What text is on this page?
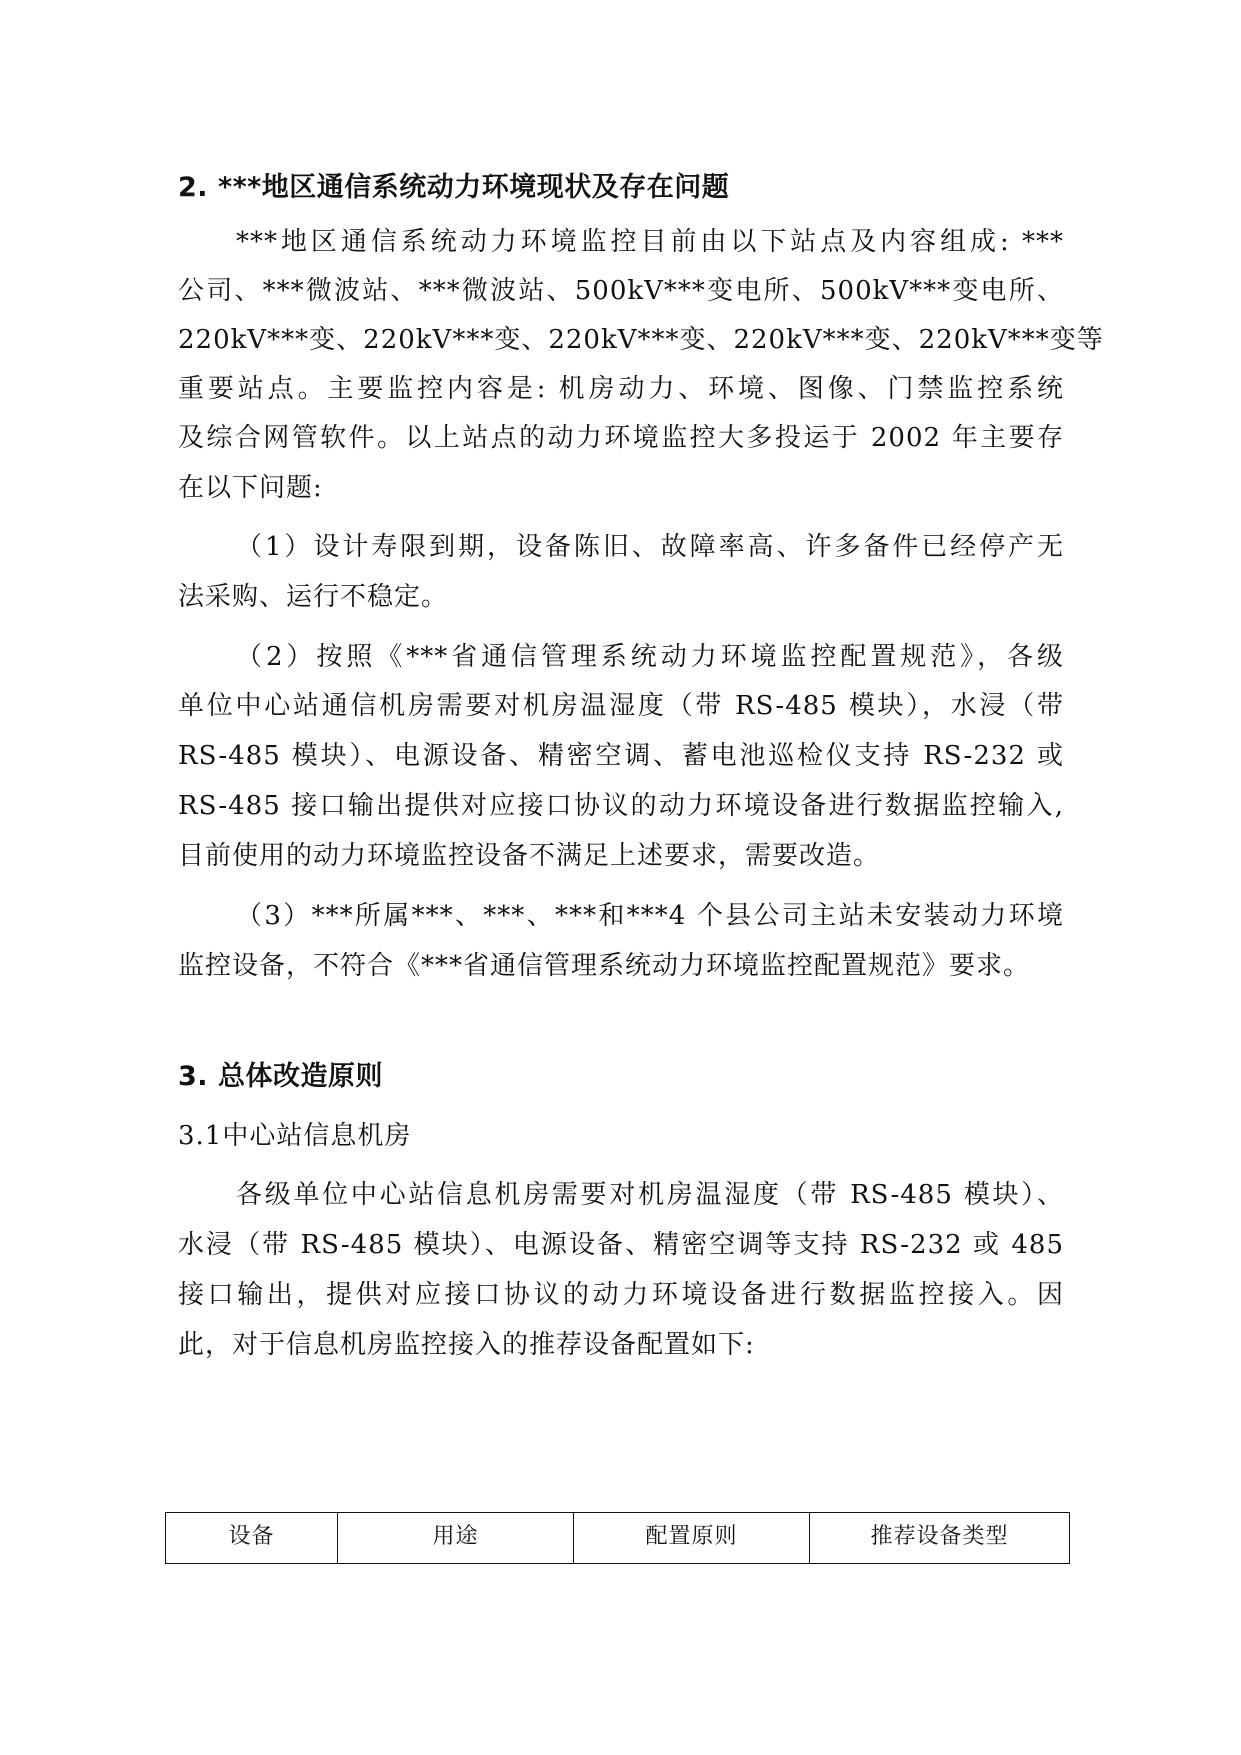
2. ***地区通信系统动力环境现状及存在问题
***地区通信系统动力环境监控目前由以下站点及内容组成: ***
公司、***微波站、***微波站、500kV***变电所、500kV***变电所、
220kV***变、220kV***变、220kV***变、220kV***变、220kV***变等
重要站点。主要监控内容是: 机房动力、环境、图像、门禁监控系统
及综合网管软件。以上站点的动力环境监控大多投运于 2002 年主要存
在以下问题:
（1）设计寿限到期，设备陈旧、故障率高、许多备件已经停产无
法采购、运行不稳定。
（2）按照《***省通信管理系统动力环境监控配置规范》，各级
单位中心站通信机房需要对机房温湿度（带 RS-485 模块），水浸（带
RS-485 模块）、电源设备、精密空调、蓄电池巡检仪支持 RS-232 或
RS-485 接口输出提供对应接口协议的动力环境设备进行数据监控输入,
目前使用的动力环境监控设备不满足上述要求，需要改造。
（3）***所属***、***、***和***4 个县公司主站未安装动力环境
监控设备，不符合《***省通信管理系统动力环境监控配置规范》要求。
3. 总体改造原则
3.1中心站信息机房
各级单位中心站信息机房需要对机房温湿度（带 RS-485 模块）、
水浸（带 RS-485 模块）、电源设备、精密空调等支持 RS-232 或 485
接口输出，提供对应接口协议的动力环境设备进行数据监控接入。因
此，对于信息机房监控接入的推荐设备配置如下:
设备	用途	配置原则	推荐设备类型
